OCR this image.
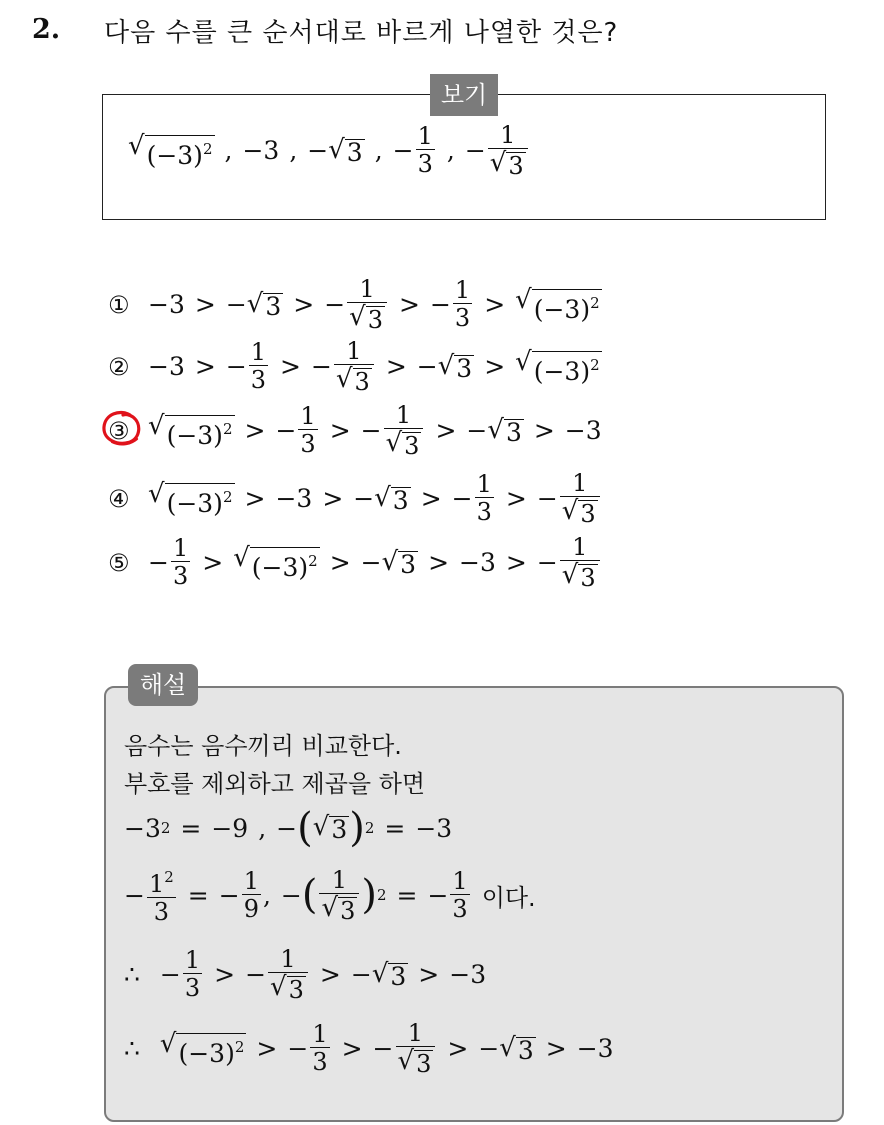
2. 다음 수를 큰 순서대로 바르게 나열한 것은?
보기
√ $(-3)^2$ , −3 , − √ 3 , − $\frac{1}{3}$ , − $\frac{1}{√ 3}$
① −3 > − √ 3 > − $\frac{1}{√ 3}$ > − $\frac{1}{3}$ > √ $(-3)^2$
② −3 > − $\frac{1}{3}$ > − $\frac{1}{√ 3}$ > − √ 3 > √ $(-3)^2$
③ √ $(-3)^2$ > − $\frac{1}{3}$ > − $\frac{1}{√ 3}$ > − √ 3 > −3
④ √ $(-3)^2 > -3$ > − √ 3 > − $\frac{1}{3}$ > − $\frac{1}{√ 3}$
⑤ − $\frac{1}{3}$ > √ $(-3)^2$ > − √ 3 > −3 > − $\frac{1}{√ 3}$
해설
음수는 음수끼리 비교한다.
부호를 제외하고 제곱을 하면
−3 2 = −9 , − ( √ 3 ) 2 = −3
− $\frac{1^2}{3}$ = − $\frac{1}{9}$ , − ( $\frac{1}{√ 3}$ ) 2 = − $\frac{1}{3}$ 이다.
∴ − $\frac{1}{3}$ > − $\frac{1}{√ 3}$ > − √ 3 > −3
∴ √ $(-3)^2$ > − $\frac{1}{3}$ > − $\frac{1}{√ 3}$ > − √ 3 > −3
